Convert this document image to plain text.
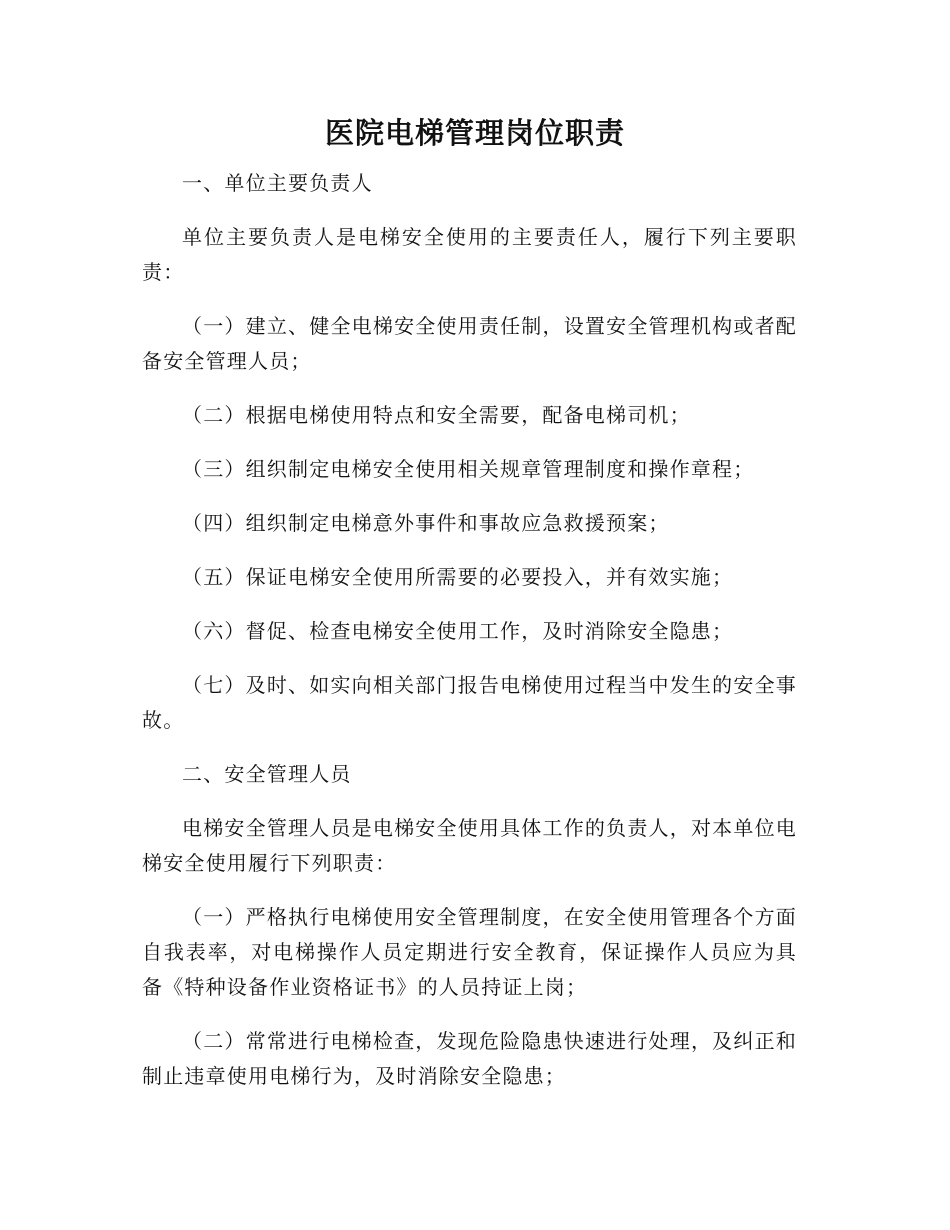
医院电梯管理岗位职责

一、单位主要负责人

单位主要负责人是电梯安全使用的主要责任人，履行下列主要职责：

（一）建立、健全电梯安全使用责任制，设置安全管理机构或者配备安全管理人员；

（二）根据电梯使用特点和安全需要，配备电梯司机；

（三）组织制定电梯安全使用相关规章管理制度和操作章程；

（四）组织制定电梯意外事件和事故应急救援预案；

（五）保证电梯安全使用所需要的必要投入，并有效实施；

（六）督促、检查电梯安全使用工作，及时消除安全隐患；

（七）及时、如实向相关部门报告电梯使用过程当中发生的安全事故。

二、安全管理人员

电梯安全管理人员是电梯安全使用具体工作的负责人，对本单位电梯安全使用履行下列职责：

（一）严格执行电梯使用安全管理制度，在安全使用管理各个方面自我表率，对电梯操作人员定期进行安全教育，保证操作人员应为具备《特种设备作业资格证书》的人员持证上岗；

（二）常常进行电梯检查，发现危险隐患快速进行处理，及纠正和制止违章使用电梯行为，及时消除安全隐患；
